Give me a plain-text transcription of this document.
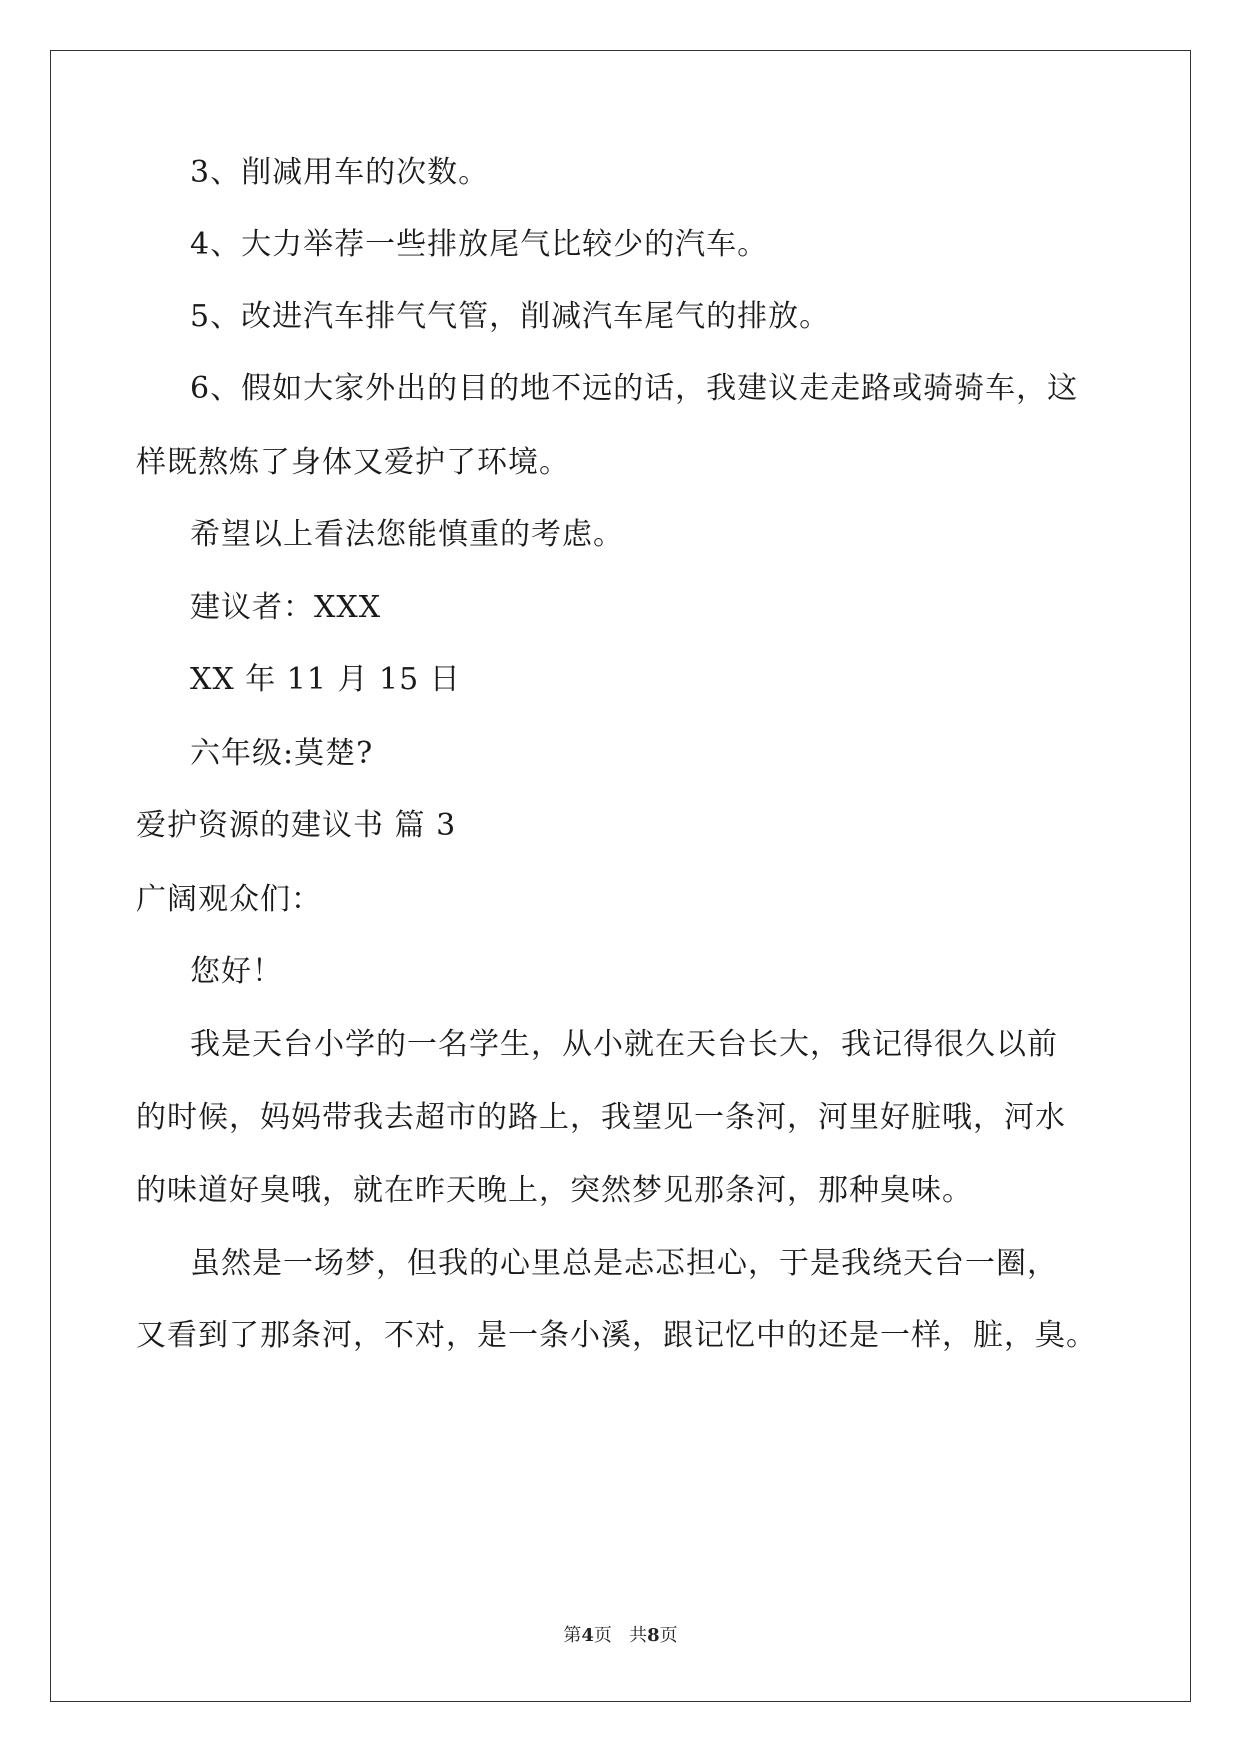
3、削减用车的次数。
4、大力举荐一些排放尾气比较少的汽车。
5、改进汽车排气气管，削减汽车尾气的排放。
6、假如大家外出的目的地不远的话，我建议走走路或骑骑车，这
样既熬炼了身体又爱护了环境。
希望以上看法您能慎重的考虑。
建议者：XXX
XX 年 11 月 15 日
六年级:莫楚?
爱护资源的建议书 篇 3
广阔观众们：
您好！
我是天台小学的一名学生，从小就在天台长大，我记得很久以前
的时候，妈妈带我去超市的路上，我望见一条河，河里好脏哦，河水
的味道好臭哦，就在昨天晚上，突然梦见那条河，那种臭味。
虽然是一场梦，但我的心里总是忐忑担心，于是我绕天台一圈，
又看到了那条河，不对，是一条小溪，跟记忆中的还是一样，脏，臭。
第4页 共8页
